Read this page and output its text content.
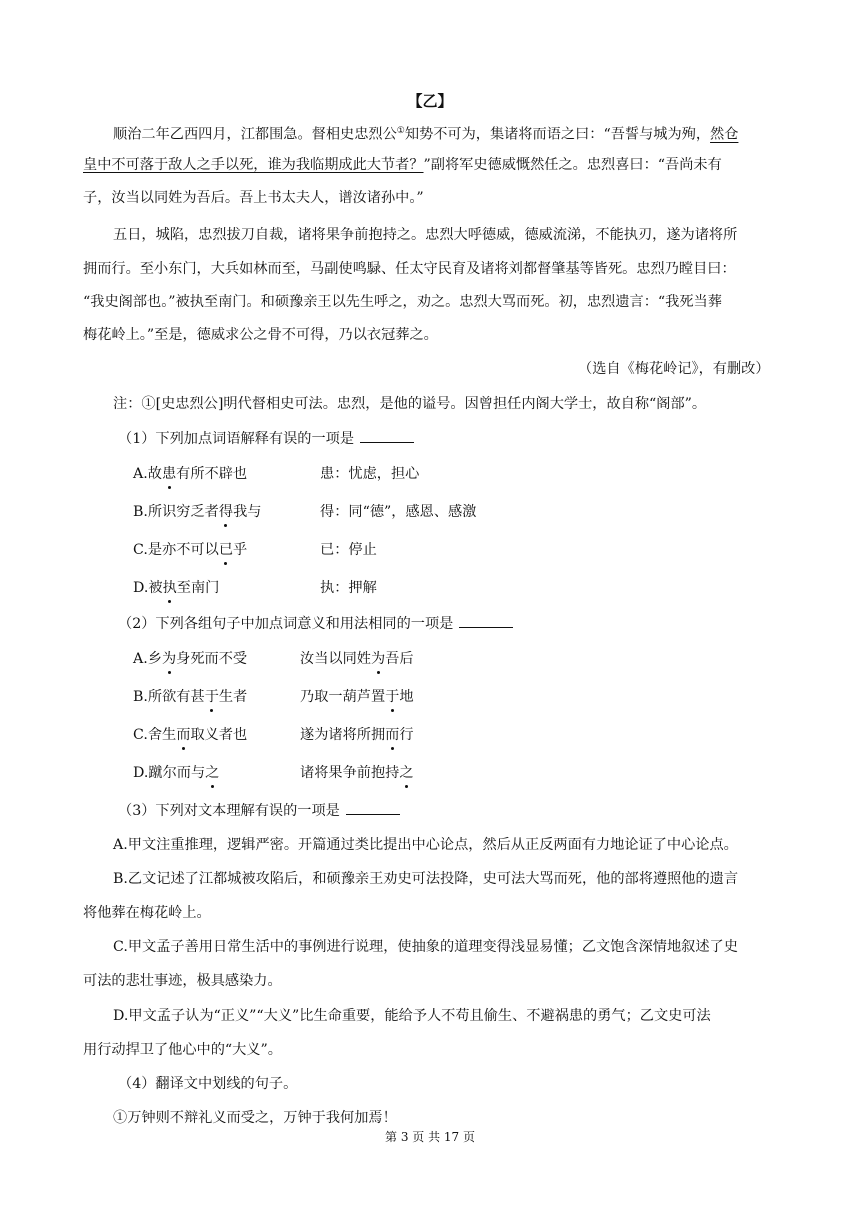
【乙】
顺治二年乙西四月，江都围急。督相史忠烈公①知势不可为，集诸将而语之曰：“吾誓与城为殉，然仓
皇中不可落于敌人之手以死，谁为我临期成此大节者？”副将军史德威慨然任之。忠烈喜曰：“吾尚未有
子，汝当以同姓为吾后。吾上书太夫人，谱汝诸孙中。”
五日，城陷，忠烈拔刀自裁，诸将果争前抱持之。忠烈大呼德威，德威流涕，不能执刃，遂为诸将所
拥而行。至小东门，大兵如林而至，马副使鸣騄、任太守民育及诸将刘都督肇基等皆死。忠烈乃瞠目曰：
“我史阁部也。”被执至南门。和硕豫亲王以先生呼之，劝之。忠烈大骂而死。初，忠烈遗言：“我死当葬
梅花岭上。”至是，德威求公之骨不可得，乃以衣冠葬之。
（选自《梅花岭记》，有删改）
注：①[史忠烈公]明代督相史可法。忠烈，是他的谥号。因曾担任内阁大学士，故自称“阁部”。
（1）下列加点词语解释有误的一项是
A.故患有所不辟也	患：忧虑，担心
B.所识穷乏者得我与	得：同“德”，感恩、感激
C.是亦不可以已乎	已：停止
D.被执至南门	执：押解
（2）下列各组句子中加点词意义和用法相同的一项是
A.乡为身死而不受	汝当以同姓为吾后
B.所欲有甚于生者	乃取一葫芦置于地
C.舍生而取义者也	遂为诸将所拥而行
D.蹴尔而与之	诸将果争前抱持之
（3）下列对文本理解有误的一项是
A.甲文注重推理，逻辑严密。开篇通过类比提出中心论点，然后从正反两面有力地论证了中心论点。
B.乙文记述了江都城被攻陷后，和硕豫亲王劝史可法投降，史可法大骂而死，他的部将遵照他的遗言
将他葬在梅花岭上。
C.甲文孟子善用日常生活中的事例进行说理，使抽象的道理变得浅显易懂；乙文饱含深情地叙述了史
可法的悲壮事迹，极具感染力。
D.甲文孟子认为“正义”“大义”比生命重要，能给予人不苟且偷生、不避祸患的勇气；乙文史可法
用行动捍卫了他心中的“大义”。
（4）翻译文中划线的句子。
①万钟则不辩礼义而受之，万钟于我何加焉！
第 3 页 共 17 页
